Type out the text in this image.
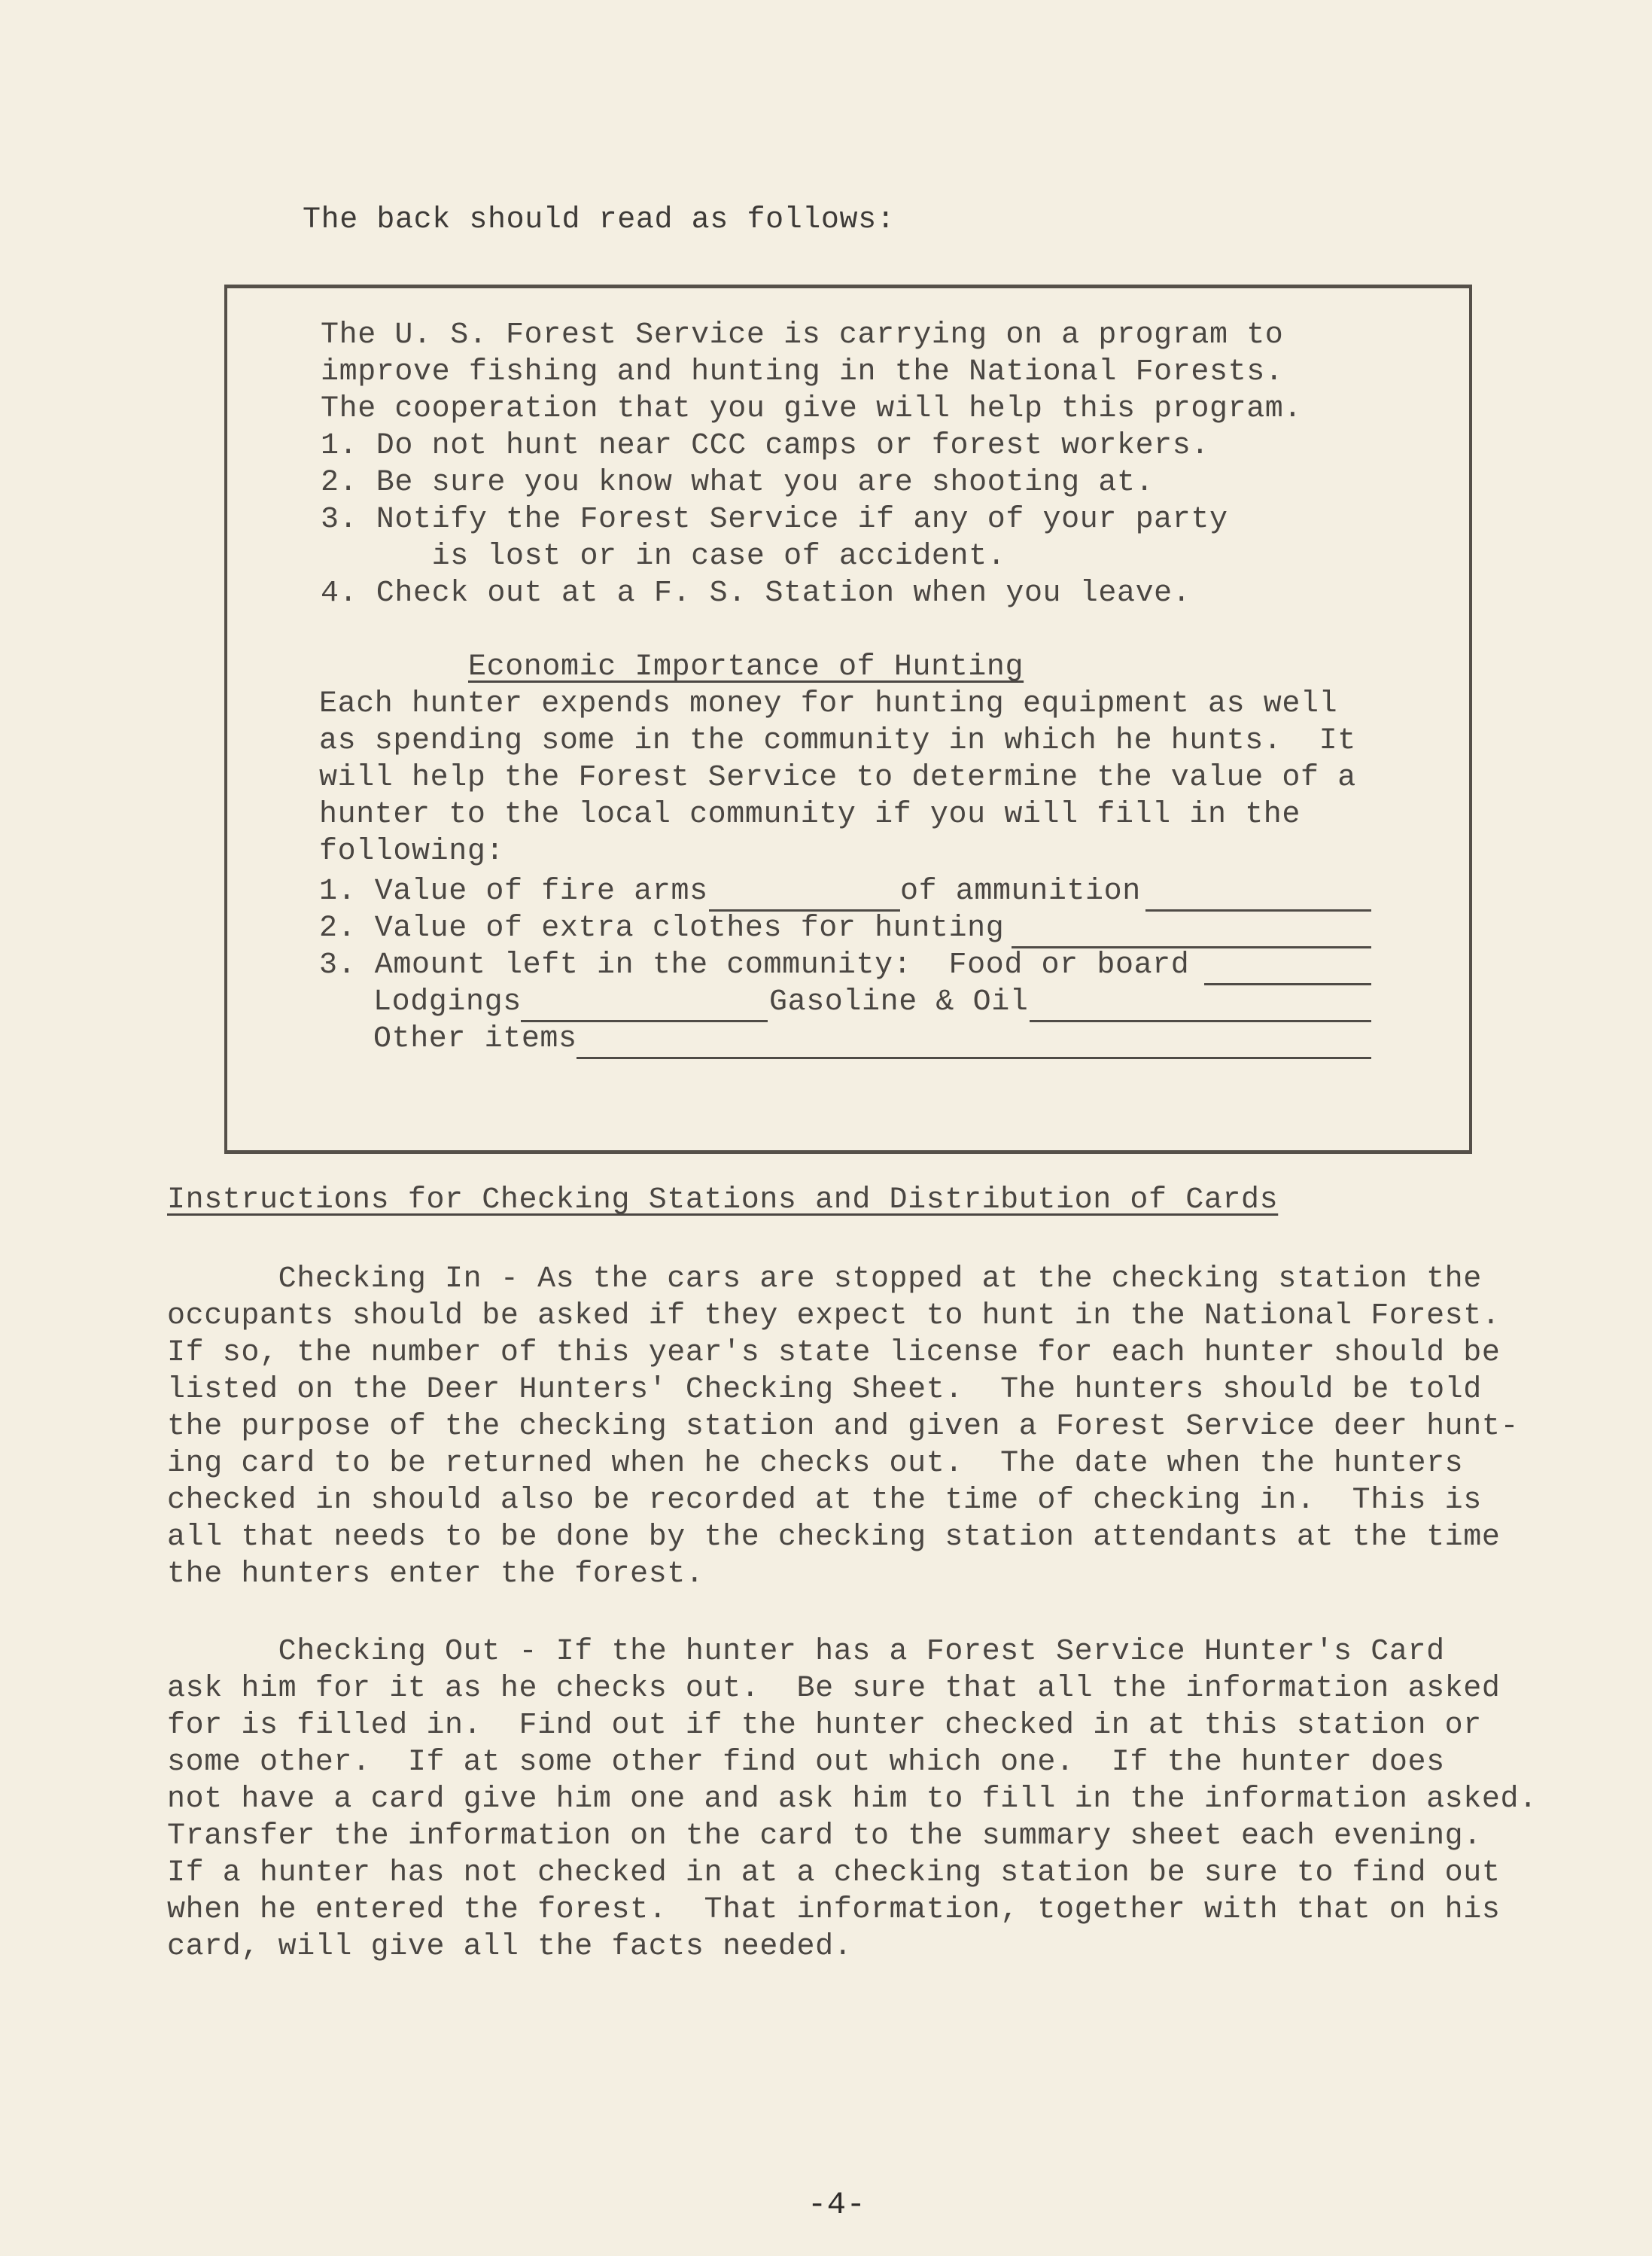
The back should read as follows:
The U. S. Forest Service is carrying on a program to
improve fishing and hunting in the National Forests.
The cooperation that you give will help this program.
1. Do not hunt near CCC camps or forest workers.
2. Be sure you know what you are shooting at.
3. Notify the Forest Service if any of your party
is lost or in case of accident.
4. Check out at a F. S. Station when you leave.
Economic Importance of Hunting
Each hunter expends money for hunting equipment as well
as spending some in the community in which he hunts.  It
will help the Forest Service to determine the value of a
hunter to the local community if you will fill in the
following:
1. Value of fire arms	of ammunition
2. Value of extra clothes for hunting
3. Amount left in the community:  Food or board
Lodgings	Gasoline & Oil
Other items
Instructions for Checking Stations and Distribution of Cards
Checking In - As the cars are stopped at the checking station the
occupants should be asked if they expect to hunt in the National Forest.
If so, the number of this year's state license for each hunter should be
listed on the Deer Hunters' Checking Sheet.  The hunters should be told
the purpose of the checking station and given a Forest Service deer hunt-
ing card to be returned when he checks out.  The date when the hunters
checked in should also be recorded at the time of checking in.  This is
all that needs to be done by the checking station attendants at the time
the hunters enter the forest.
Checking Out - If the hunter has a Forest Service Hunter's Card
ask him for it as he checks out.  Be sure that all the information asked
for is filled in.  Find out if the hunter checked in at this station or
some other.  If at some other find out which one.  If the hunter does
not have a card give him one and ask him to fill in the information asked.
Transfer the information on the card to the summary sheet each evening.
If a hunter has not checked in at a checking station be sure to find out
when he entered the forest.  That information, together with that on his
card, will give all the facts needed.
-4-
